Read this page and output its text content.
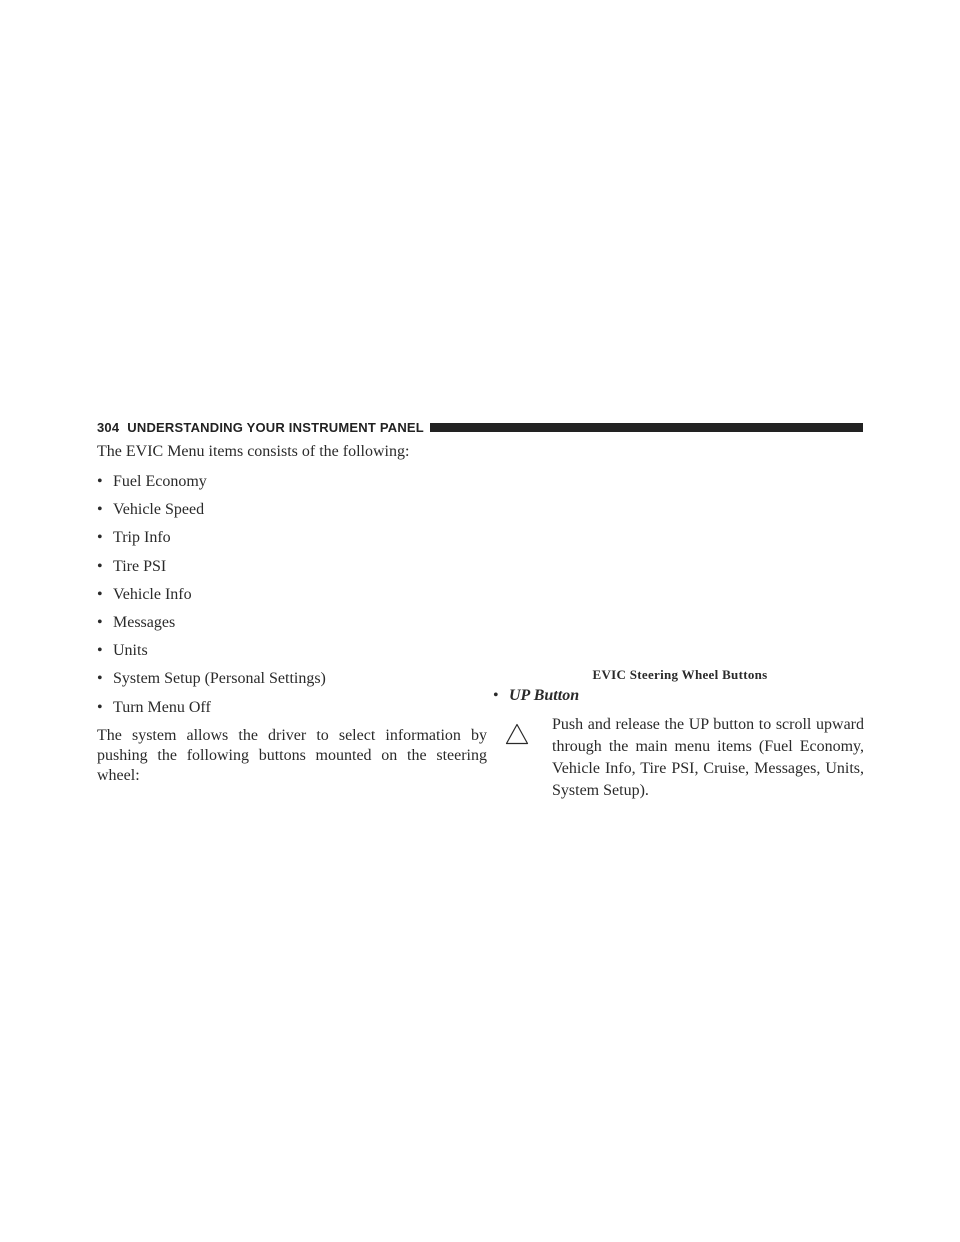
304 UNDERSTANDING YOUR INSTRUMENT PANEL

The EVIC Menu items consists of the following:

• Fuel Economy
• Vehicle Speed
• Trip Info
• Tire PSI
• Vehicle Info
• Messages
• Units
• System Setup (Personal Settings)
• Turn Menu Off

The system allows the driver to select information by pushing the following buttons mounted on the steering wheel:

EVIC Steering Wheel Buttons
• UP Button

Push and release the UP button to scroll upward through the main menu items (Fuel Economy, Vehicle Info, Tire PSI, Cruise, Messages, Units, System Setup).
